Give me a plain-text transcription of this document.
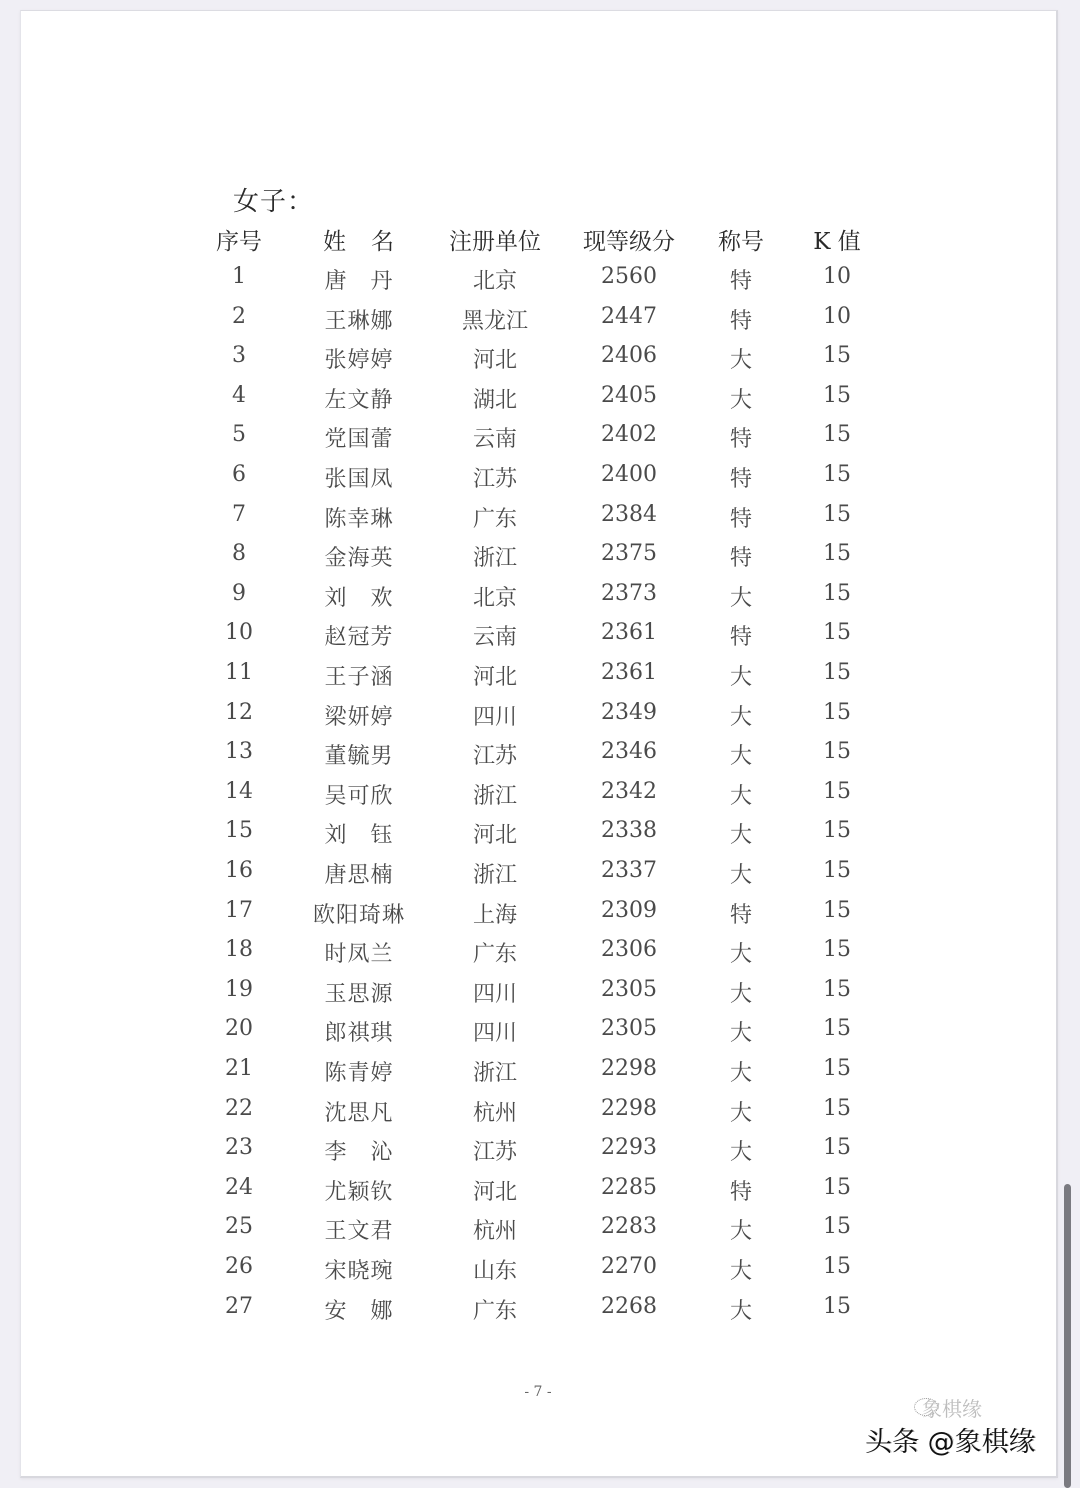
女子：
序号	姓　名	注册单位	现等级分	称号	K 值
1	唐　丹	北京	2560	特	10
2	王琳娜	黑龙江	2447	特	10
3	张婷婷	河北	2406	大	15
4	左文静	湖北	2405	大	15
5	党国蕾	云南	2402	特	15
6	张国凤	江苏	2400	特	15
7	陈幸琳	广东	2384	特	15
8	金海英	浙江	2375	特	15
9	刘　欢	北京	2373	大	15
10	赵冠芳	云南	2361	特	15
11	王子涵	河北	2361	大	15
12	梁妍婷	四川	2349	大	15
13	董毓男	江苏	2346	大	15
14	吴可欣	浙江	2342	大	15
15	刘　钰	河北	2338	大	15
16	唐思楠	浙江	2337	大	15
17	欧阳琦琳	上海	2309	特	15
18	时凤兰	广东	2306	大	15
19	玉思源	四川	2305	大	15
20	郎祺琪	四川	2305	大	15
21	陈青婷	浙江	2298	大	15
22	沈思凡	杭州	2298	大	15
23	李　沁	江苏	2293	大	15
24	尤颖钦	河北	2285	特	15
25	王文君	杭州	2283	大	15
26	宋晓琬	山东	2270	大	15
27	安　娜	广东	2268	大	15
- 7 -
象棋缘
头条 @象棋缘
